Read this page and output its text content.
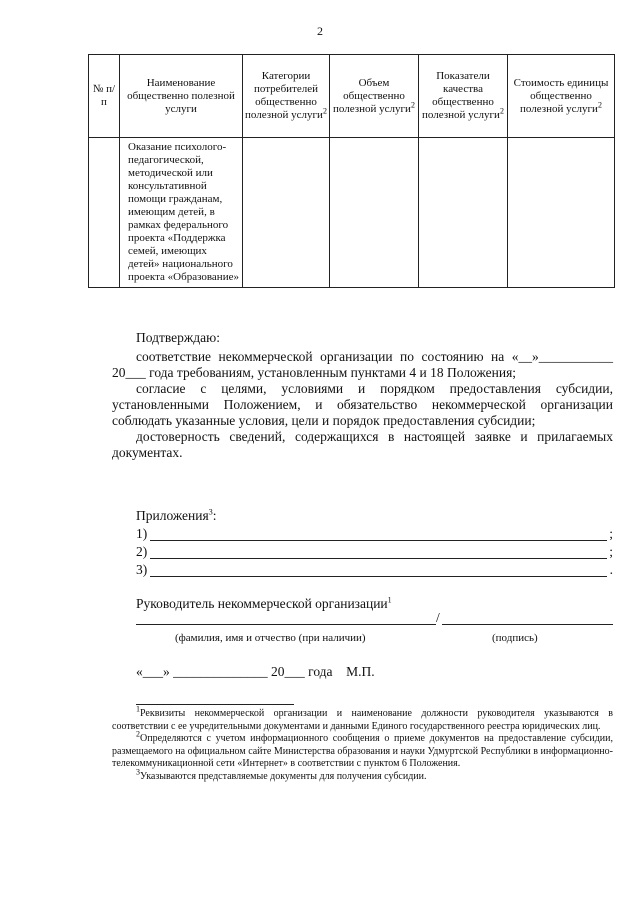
2
№ п/п	Наименование общественно полезной услуги	Категории потребителей общественно полезной услуги$^2$	Объем общественно полезной услуги$^2$	Показатели качества общественно полезной услуги$^2$	Стоимость единицы общественно полезной услуги$^2$
	Оказание психолого-педагогической, методической или консультативной помощи гражданам, имеющим детей, в рамках федерального проекта «Поддержка семей, имеющих детей» национального проекта «Образование»				
Подтверждаю:

соответствие некоммерческой организации по состоянию на «__»___________ 20___ года требованиям, установленным пунктами 4 и 18 Положения;

согласие с целями, условиями и порядком предоставления субсидии, установленными Положением, и обязательство некоммерческой организации соблюдать указанные условия, цели и порядок предоставления субсидии;

достоверность сведений, содержащихся в настоящей заявке и прилагаемых документах.

Приложения$^3$:
1)	;
2)	;
3)	.
Руководитель некоммерческой организации$^1$
/
(фамилия, имя и отчество (при наличии)	(подпись)
«___» ______________ 20___ года М.П.

$^1$Реквизиты некоммерческой организации и наименование должности руководителя указываются в соответствии с ее учредительными документами и данными Единого государственного реестра юридических лиц.

$^2$Определяются с учетом информационного сообщения о приеме документов на предоставление субсидии, размещаемого на официальном сайте Министерства образования и науки Удмуртской Республики в информационно-телекоммуникационной сети «Интернет» в соответствии с пунктом 6 Положения.

$^3$Указываются представляемые документы для получения субсидии.
